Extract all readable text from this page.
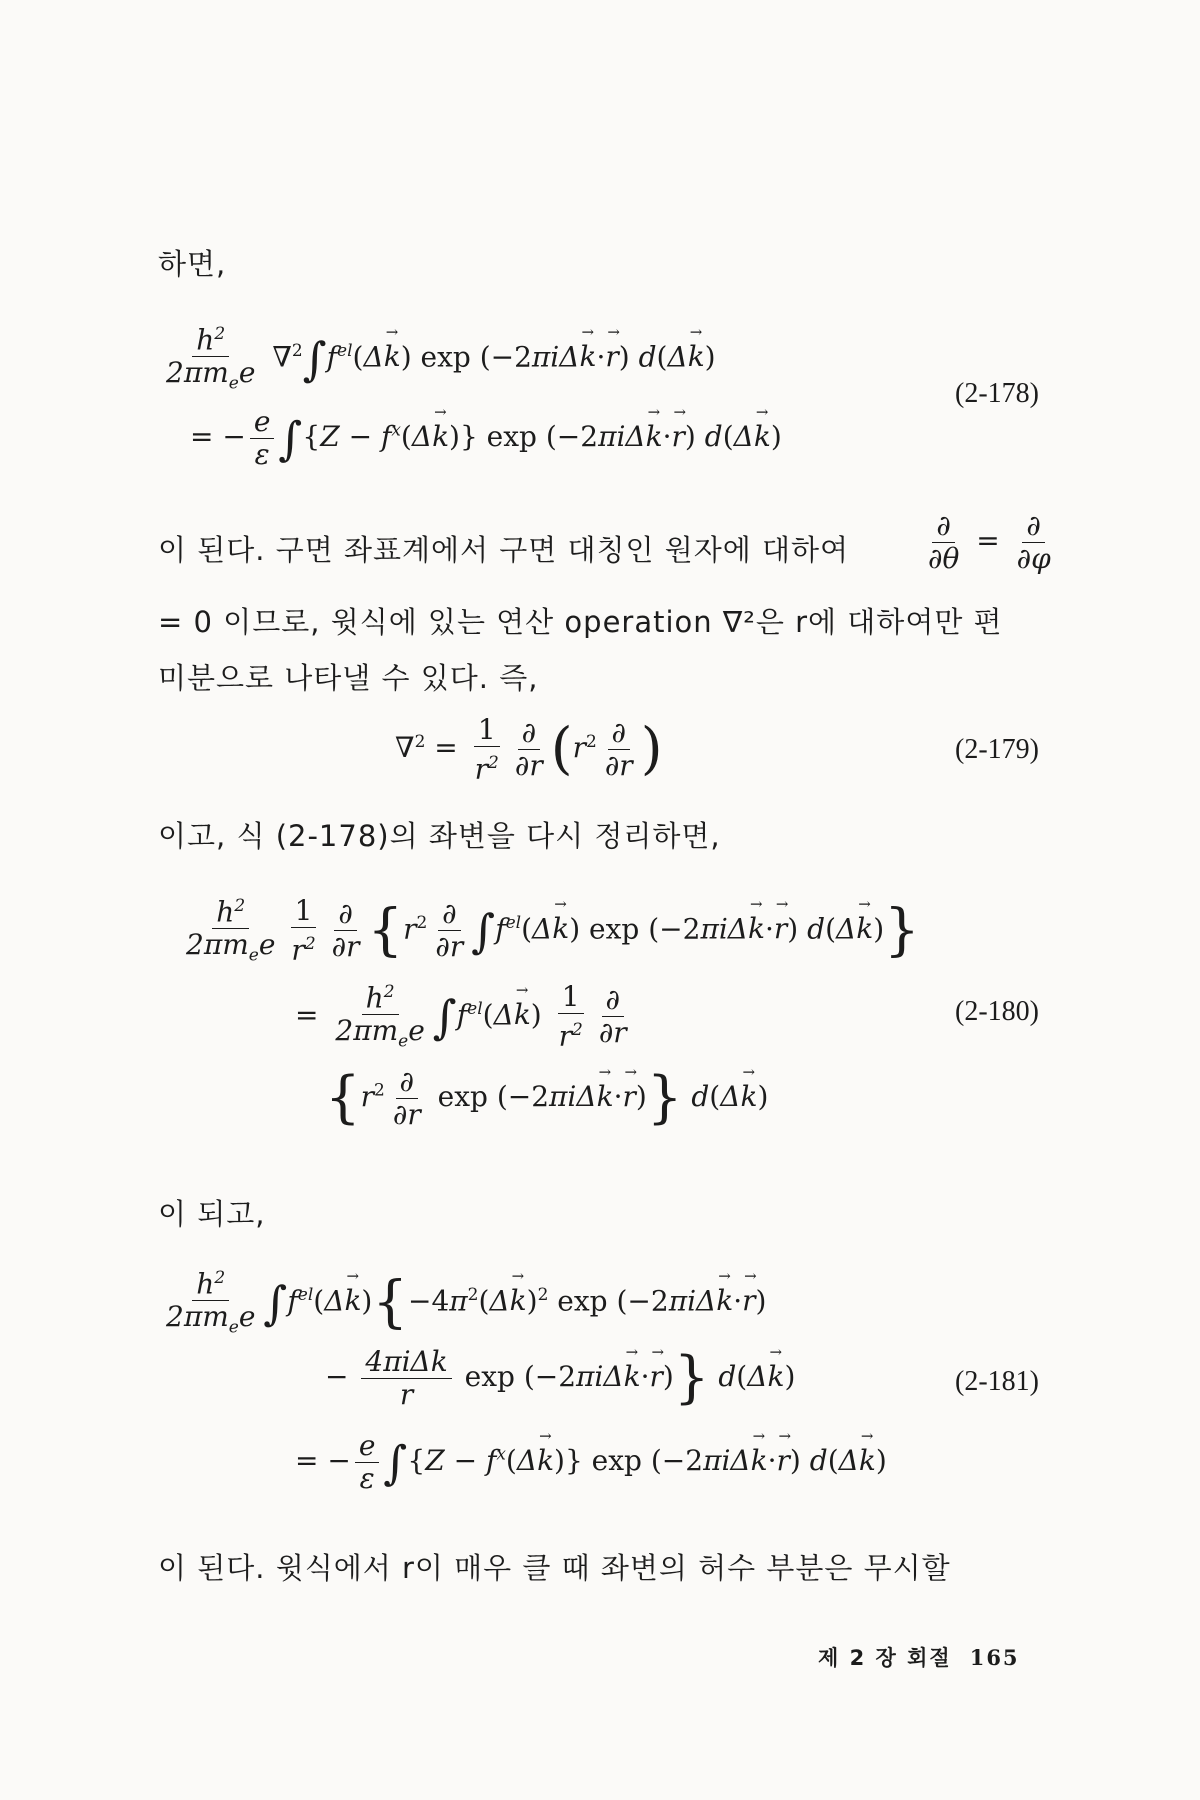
하면,
$\frac{h^2}{2\pi m_ee} \nabla^2\int f^{el}(\Delta k$ →) exp (−2πiΔk →·r →) d(Δk →)
= − $\frac{e}{\varepsilon} \int\{Z - f^x(\Delta k$ →)} exp (−2πiΔk →·r →) d(Δk →)
(2-178)
이 된다. 구면 좌표계에서 구면 대칭인 원자에 대하여	$\frac{\partial}{\partial\theta} = \frac{\partial}{\partial\varphi}$
= 0 이므로, 윗식에 있는 연산 operation ∇²은 r에 대하여만 편
미분으로 나타낼 수 있다. 즉,
$\nabla^2 = \frac{1}{r^2} \frac{\partial}{\partial r} (r^2 \frac{\partial}{\partial r}$ )	(2-179)
이고, 식 (2-178)의 좌변을 다시 정리하면,
$\frac{h^2}{2\pi m_ee} \frac{1}{r^2} \frac{\partial}{\partial r} \{r^2 \frac{\partial}{\partial r} \int f^{el}(\Delta k$ →) exp (−2πiΔk →·r →) d(Δk →)}
= $\frac{h^2}{2\pi m_ee} \int f^{el}(\Delta k$ →) $\frac{1}{r^2} \frac{\partial}{\partial r}$	(2-180)
{$r^2 \frac{\partial}{\partial r}$ exp (−2πiΔk →·r →)} d(Δk →)
이 되고,
$\frac{h^2}{2\pi m_ee} \int f^{el}(\Delta k \to)\{-4\pi^2(\Delta k \to)^2$ exp (−2πiΔk →·r →)
− $\frac{\text{4πiΔk}}{r}$ exp (−2πiΔk →·r →)} d(Δk →)	(2-181)
= − $\frac{e}{\varepsilon} \int\{Z - f^x(\Delta k$ →)} exp (−2πiΔk →·r →) d(Δk →)
이 된다. 윗식에서 r이 매우 클 때 좌변의 허수 부분은 무시할
제 2 장 회절 165
